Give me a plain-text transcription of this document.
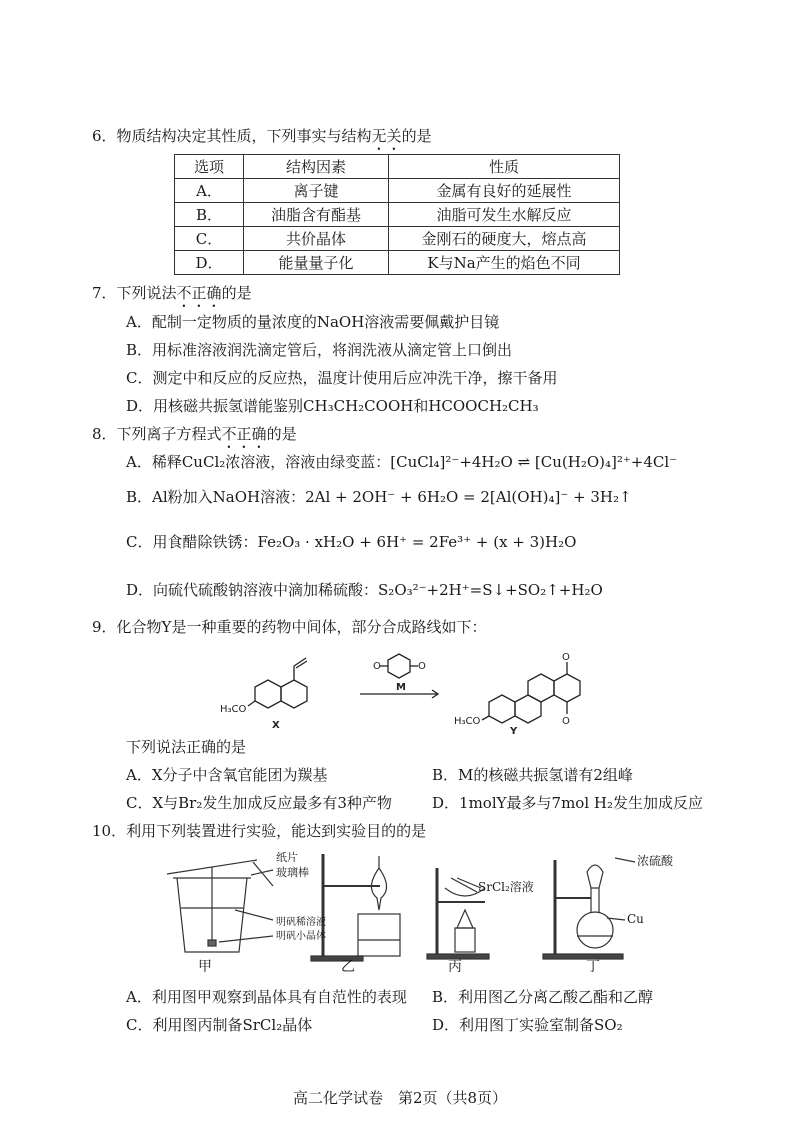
6．物质结构决定其性质，下列事实与结构无关的是
选项	结构因素	性质
A．	离子键	金属有良好的延展性
B．	油脂含有酯基	油脂可发生水解反应
C．	共价晶体	金刚石的硬度大，熔点高
D．	能量量子化	K与Na产生的焰色不同
7．下列说法不正确的是
A．配制一定物质的量浓度的NaOH溶液需要佩戴护目镜
B．用标准溶液润洗滴定管后，将润洗液从滴定管上口倒出
C．测定中和反应的反应热，温度计使用后应冲洗干净，擦干备用
D．用核磁共振氢谱能鉴别CH₃CH₂COOH和HCOOCH₂CH₃
8．下列离子方程式不正确的是
A．稀释CuCl₂浓溶液，溶液由绿变蓝：[CuCl₄]²⁻+4H₂O ⇌ [Cu(H₂O)₄]²⁺+4Cl⁻
B．Al粉加入NaOH溶液：2Al + 2OH⁻ + 6H₂O = 2[Al(OH)₄]⁻ + 3H₂↑
C．用食醋除铁锈：Fe₂O₃ · xH₂O + 6H⁺ = 2Fe³⁺ + (x + 3)H₂O
D．向硫代硫酸钠溶液中滴加稀硫酸：S₂O₃²⁻+2H⁺=S↓+SO₂↑+H₂O
9．化合物Y是一种重要的药物中间体，部分合成路线如下：
H₃CO
X
O	O
M
O
O
H₃CO
Y
下列说法正确的是
A．X分子中含氧官能团为羰基	B．M的核磁共振氢谱有2组峰
C．X与Br₂发生加成反应最多有3种产物	D．1molY最多与7mol H₂发生加成反应
10．利用下列装置进行实验，能达到实验目的的是
纸片
玻璃棒
明矾稀溶液
明矾小晶体
SrCl₂溶液
浓硫酸
Cu
甲	乙	丙	丁
A．利用图甲观察到晶体具有自范性的表现 B．利用图乙分离乙酸乙酯和乙醇
C．利用图丙制备SrCl₂晶体	D．利用图丁实验室制备SO₂
高二化学试卷　第2页（共8页）
